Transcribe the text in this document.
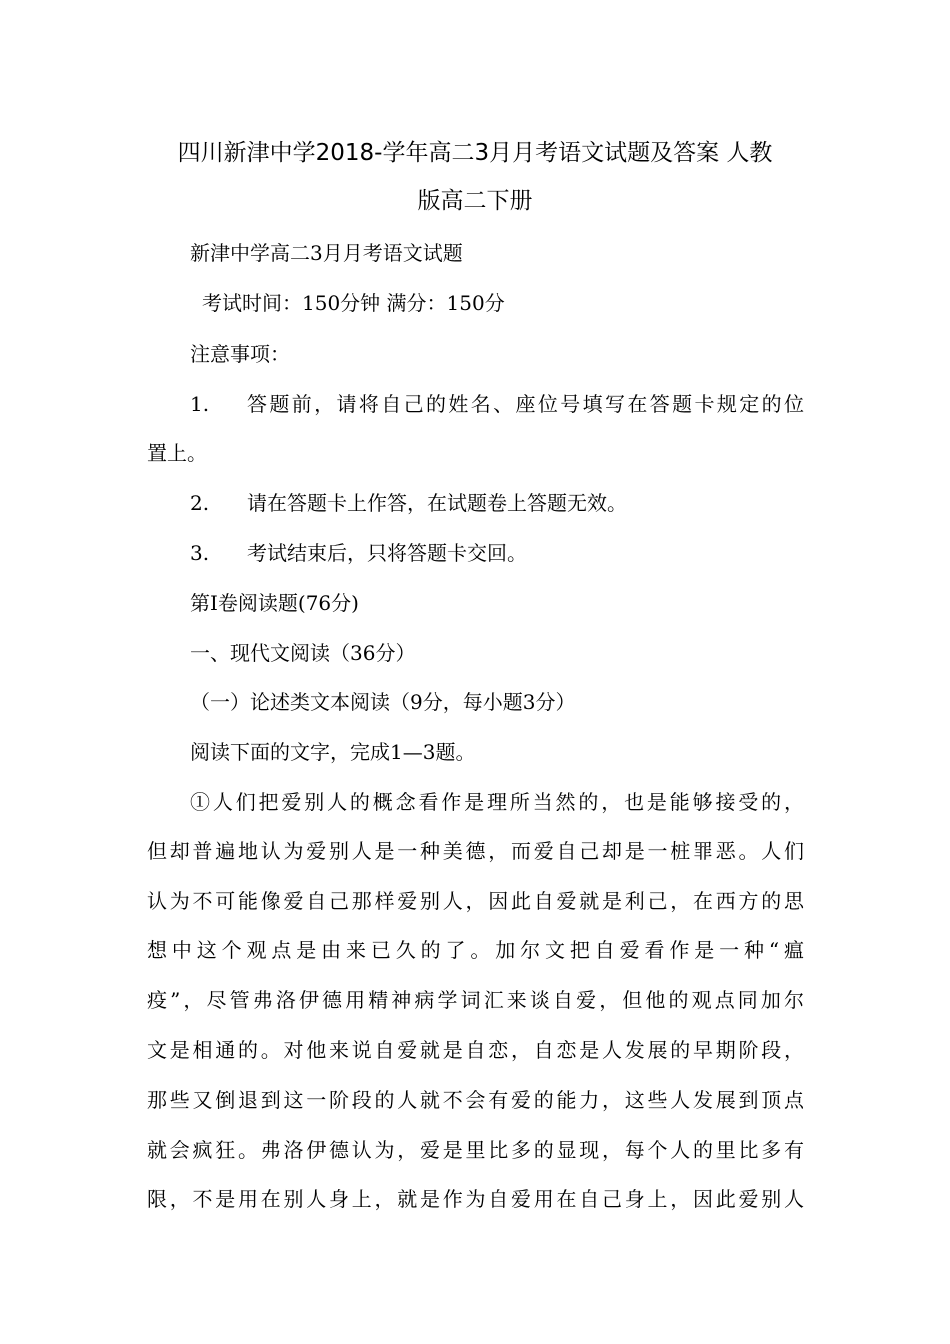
四川新津中学2018-学年高二3月月考语文试题及答案 人教
版高二下册

新津中学高二3月月考语文试题

考试时间：150分钟 满分：150分

注意事项：

1. 答题前，请将自己的姓名、座位号填写在答题卡规定的位

置上。

2. 请在答题卡上作答，在试题卷上答题无效。

3. 考试结束后，只将答题卡交回。

第Ⅰ卷阅读题(76分)

一、现代文阅读（36分）

（一）论述类文本阅读（9分，每小题3分）

阅读下面的文字，完成1—3题。

①人们把爱别人的概念看作是理所当然的，也是能够接受的，

但却普遍地认为爱别人是一种美德，而爱自己却是一桩罪恶。人们

认为不可能像爱自己那样爱别人，因此自爱就是利己，在西方的思

想中这个观点是由来已久的了。加尔文把自爱看作是一种“瘟

疫”，尽管弗洛伊德用精神病学词汇来谈自爱，但他的观点同加尔

文是相通的。对他来说自爱就是自恋，自恋是人发展的早期阶段，

那些又倒退到这一阶段的人就不会有爱的能力，这些人发展到顶点

就会疯狂。弗洛伊德认为，爱是里比多的显现，每个人的里比多有

限，不是用在别人身上，就是作为自爱用在自己身上，因此爱别人
